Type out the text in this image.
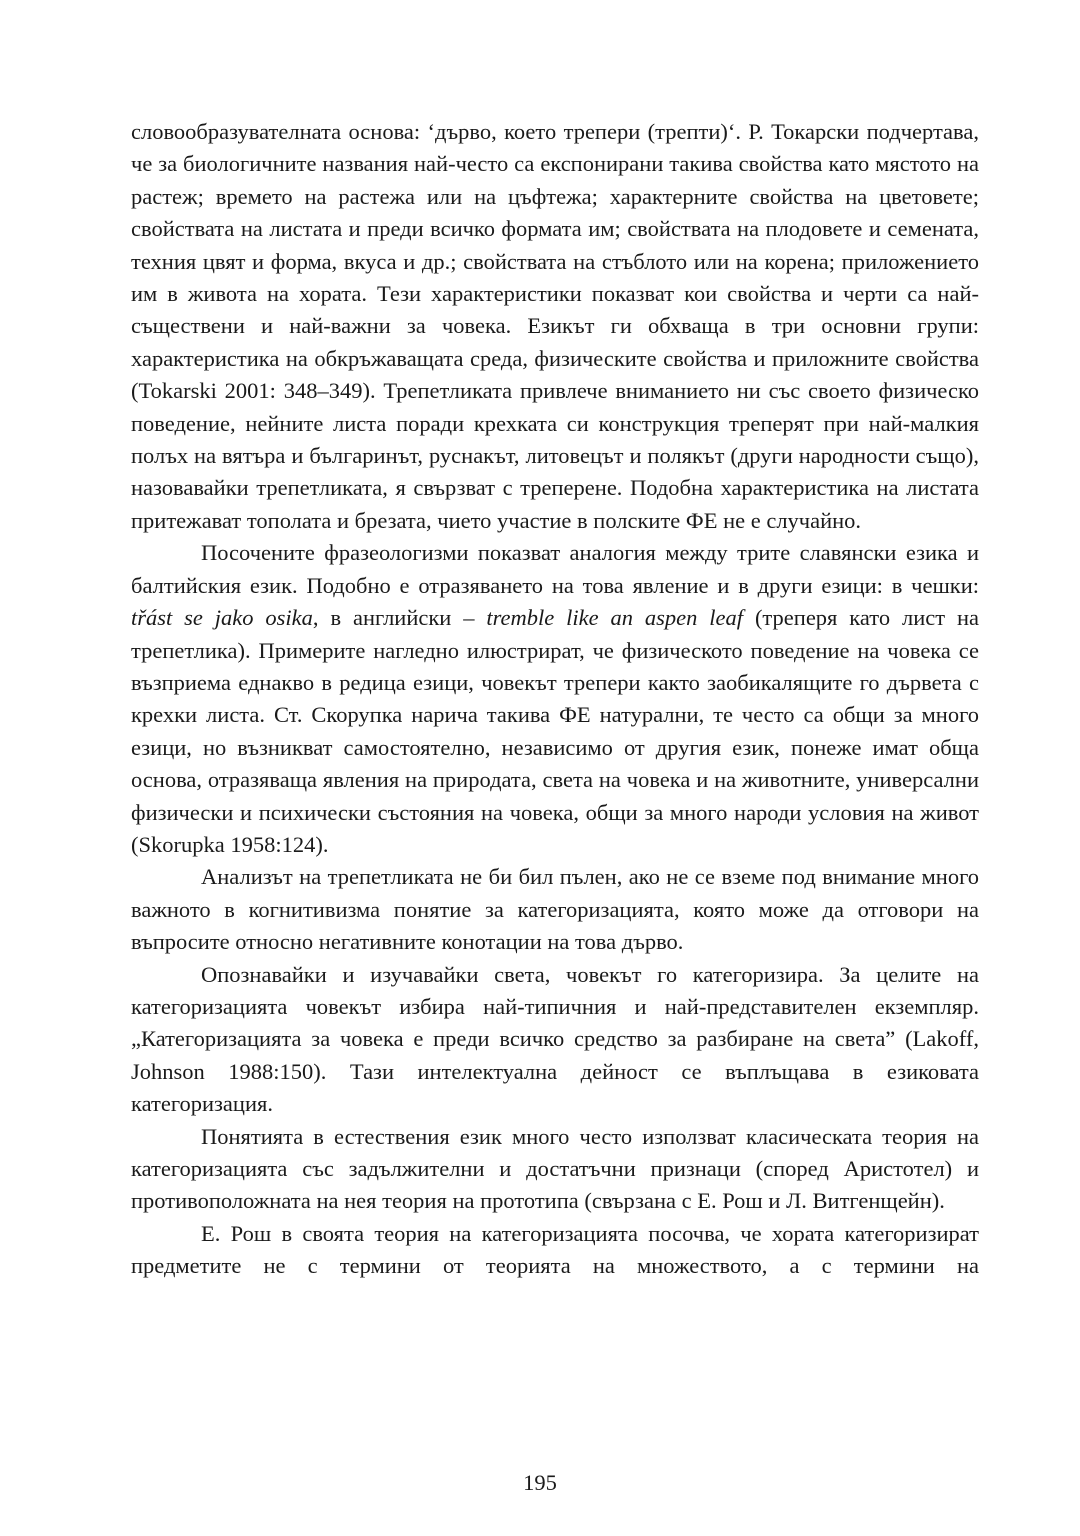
словообразувателната основа: ‘дърво, което трепери (трепти)‘. Р. Токарски подчертава, че за биологичните названия най-често са експонирани такива свойства като мястото на растеж; времето на растежа или на цъфтежа; характерните свойства на цветовете; свойствата на листата и преди всичко формата им; свойствата на плодовете и семената, техния цвят и форма, вкуса и др.; свойствата на стъблото или на корена; приложението им в живота на хората. Тези характеристики показват кои свойства и черти са най-съществени и най-важни за човека. Езикът ги обхваща в три основни групи: характеристика на обкръжаващата среда, физическите свойства и приложните свойства (Tokarski 2001: 348–349). Трепетликата привлече вниманието ни със своето физическо поведение, нейните листа поради крехката си конструкция треперят при най-малкия полъх на вятъра и българинът, руснакът, литовецът и полякът (други народности също), назовавайки трепетликата, я свързват с треперене. Подобна характеристика на листата притежават тополата и брезата, чието участие в полските ФЕ не е случайно.

Посочените фразеологизми показват аналогия между трите славянски езика и балтийския език. Подобно е отразяването на това явление и в други езици: в чешки: třást se jako osika, в английски – tremble like an aspen leaf (треперя като лист на трепетлика). Примерите нагледно илюстрират, че физическото поведение на човека се възприема еднакво в редица езици, човекът трепери както заобикалящите го дървета с крехки листа. Ст. Скорупка нарича такива ФЕ натурални, те често са общи за много езици, но възникват самостоятелно, независимо от другия език, понеже имат обща основа, отразяваща явления на природата, света на човека и на животните, универсални физически и психически състояния на човека, общи за много народи условия на живот (Skorupka 1958:124).

Анализът на трепетликата не би бил пълен, ако не се вземе под внимание много важното в когнитивизма понятие за категоризацията, която може да отговори на въпросите относно негативните конотации на това дърво.

Опознавайки и изучавайки света, човекът го категоризира. За целите на категоризацията човекът избира най-типичния и най-представителен екземпляр. „Категоризацията за човека е преди всичко средство за разбиране на света” (Lakoff, Johnson 1988:150). Тази интелектуална дейност се въплъщава в езиковата категоризация.

Понятията в естествения език много често използват класическата теория на категоризацията със задължителни и достатъчни признаци (според Аристотел) и противоположната на нея теория на прототипа (свързана с Е. Рош и Л. Витгенщейн).

Е. Рош в своята теория на категоризацията посочва, че хората категоризират предметите не с термини от теорията на множеството, а с термини на

195
